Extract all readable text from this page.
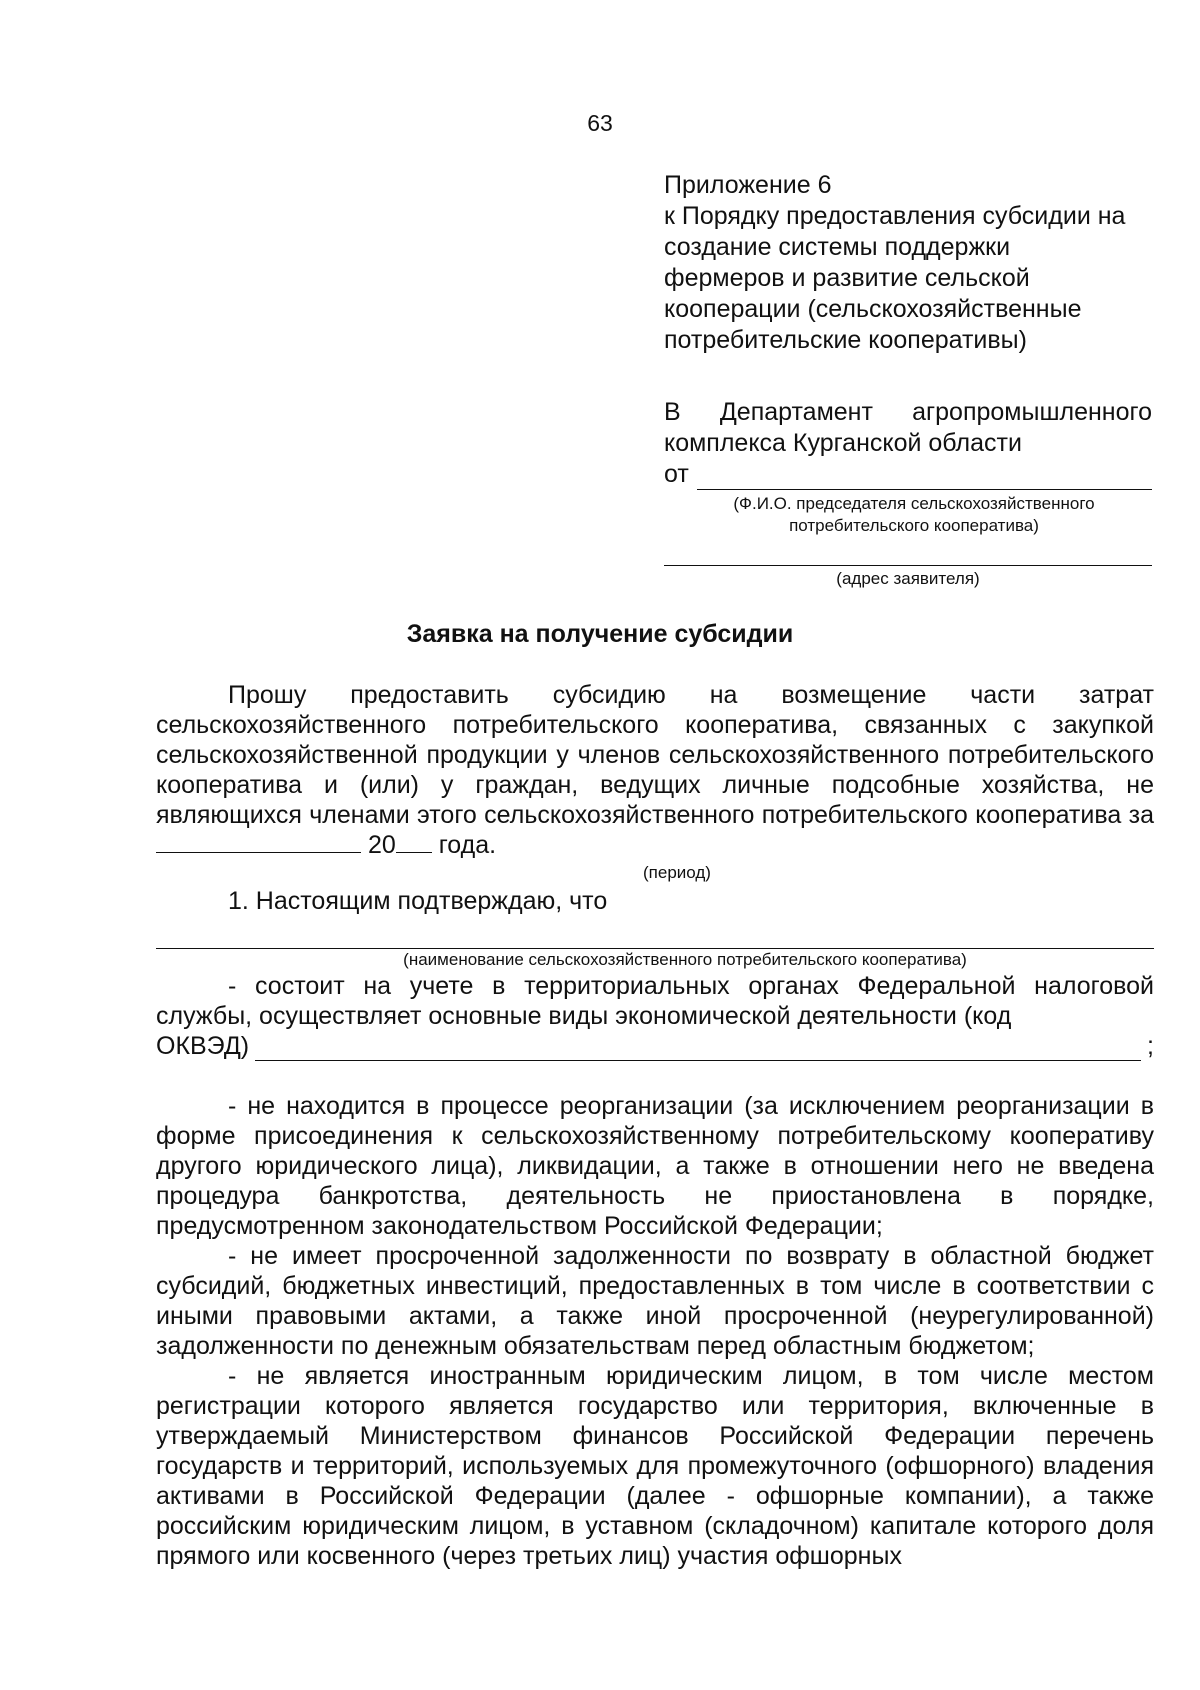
63
Приложение 6
к Порядку предоставления субсидии на
создание системы поддержки
фермеров и развитие сельской
кооперации (сельскохозяйственные
потребительские кооперативы)
В Департамент агропромышленного
комплекса Курганской области
от
(Ф.И.О. председателя сельскохозяйственного
потребительского кооператива)
(адрес заявителя)
Заявка на получение субсидии

Прошу предоставить субсидию на возмещение части затрат сельскохозяйственного потребительского кооператива, связанных с закупкой сельскохозяйственной продукции у членов сельскохозяйственного потребительского кооператива и (или) у граждан, ведущих личные подсобные хозяйства, не являющихся членами этого сельскохозяйственного потребительского кооператива за  20 года.

(период)
1. Настоящим подтверждаю, что
(наименование сельскохозяйственного потребительского кооператива)

- состоит на учете в территориальных органах Федеральной налоговой службы, осуществляет основные виды экономической деятельности (код

ОКВЭД)	;

- не находится в процессе реорганизации (за исключением реорганизации в форме присоединения к сельскохозяйственному потребительскому кооперативу другого юридического лица), ликвидации, а также в отношении него не введена процедура банкротства, деятельность не приостановлена в порядке, предусмотренном законодательством Российской Федерации;

- не имеет просроченной задолженности по возврату в областной бюджет субсидий, бюджетных инвестиций, предоставленных в том числе в соответствии с иными правовыми актами, а также иной просроченной (неурегулированной) задолженности по денежным обязательствам перед областным бюджетом;

- не является иностранным юридическим лицом, в том числе местом регистрации которого является государство или территория, включенные в утверждаемый Министерством финансов Российской Федерации перечень государств и территорий, используемых для промежуточного (офшорного) владения активами в Российской Федерации (далее - офшорные компании), а также российским юридическим лицом, в уставном (складочном) капитале которого доля прямого или косвенного (через третьих лиц) участия офшорных
